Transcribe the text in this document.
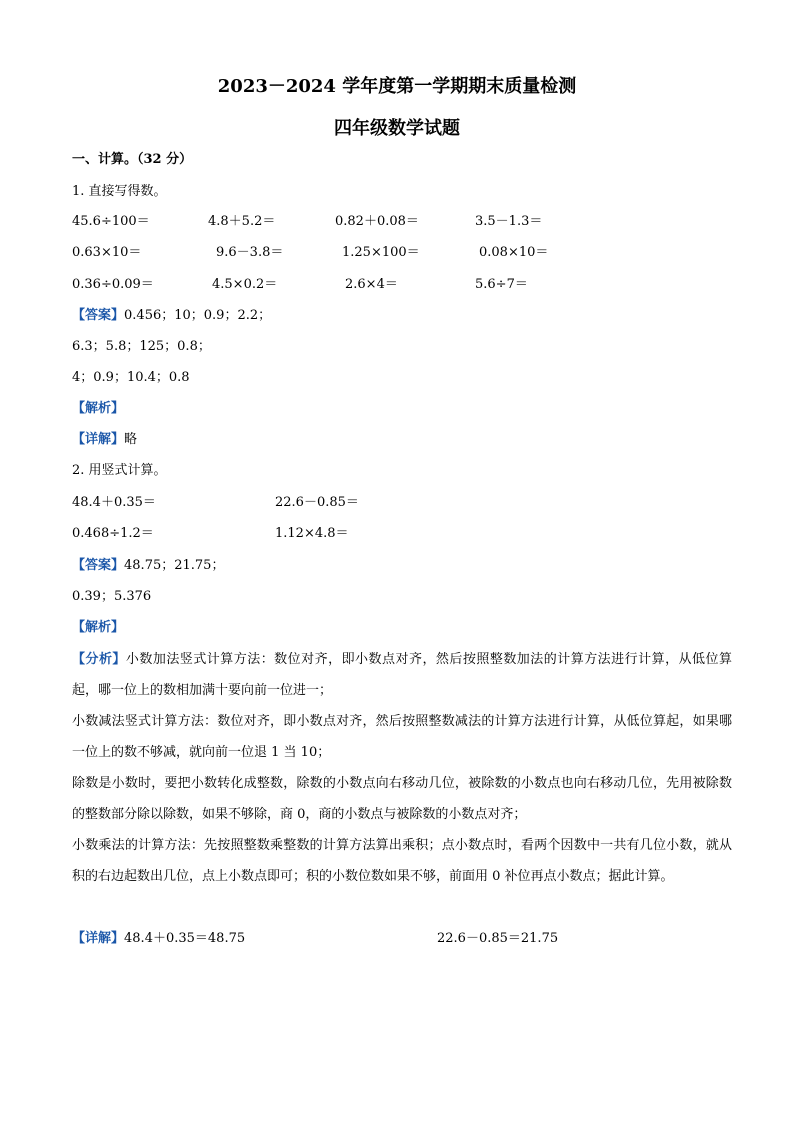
2023－2024 学年度第一学期期末质量检测
四年级数学试题
一、计算。（32 分）
1. 直接写得数。
45.6÷100＝	4.8＋5.2＝	0.82＋0.08＝	3.5－1.3＝
0.63×10＝	9.6－3.8＝	1.25×100＝	0.08×10＝
0.36÷0.09＝	4.5×0.2＝	2.6×4＝	5.6÷7＝
【答案】0.456；10；0.9；2.2；
6.3；5.8；125；0.8；
4；0.9；10.4；0.8
【解析】
【详解】略
2. 用竖式计算。
48.4＋0.35＝	22.6－0.85＝
0.468÷1.2＝	1.12×4.8＝
【答案】48.75；21.75；
0.39；5.376
【解析】
【分析】小数加法竖式计算方法：数位对齐，即小数点对齐，然后按照整数加法的计算方法进行计算，从低位算起，哪一位上的数相加满十要向前一位进一；
小数减法竖式计算方法：数位对齐，即小数点对齐，然后按照整数减法的计算方法进行计算，从低位算起，如果哪一位上的数不够减，就向前一位退 1 当 10；
除数是小数时，要把小数转化成整数，除数的小数点向右移动几位，被除数的小数点也向右移动几位，先用被除数的整数部分除以除数，如果不够除，商 0，商的小数点与被除数的小数点对齐；
小数乘法的计算方法：先按照整数乘整数的计算方法算出乘积；点小数点时，看两个因数中一共有几位小数，就从积的右边起数出几位，点上小数点即可；积的小数位数如果不够，前面用 0 补位再点小数点；据此计算。
【详解】48.4＋0.35＝48.75	22.6－0.85＝21.75
